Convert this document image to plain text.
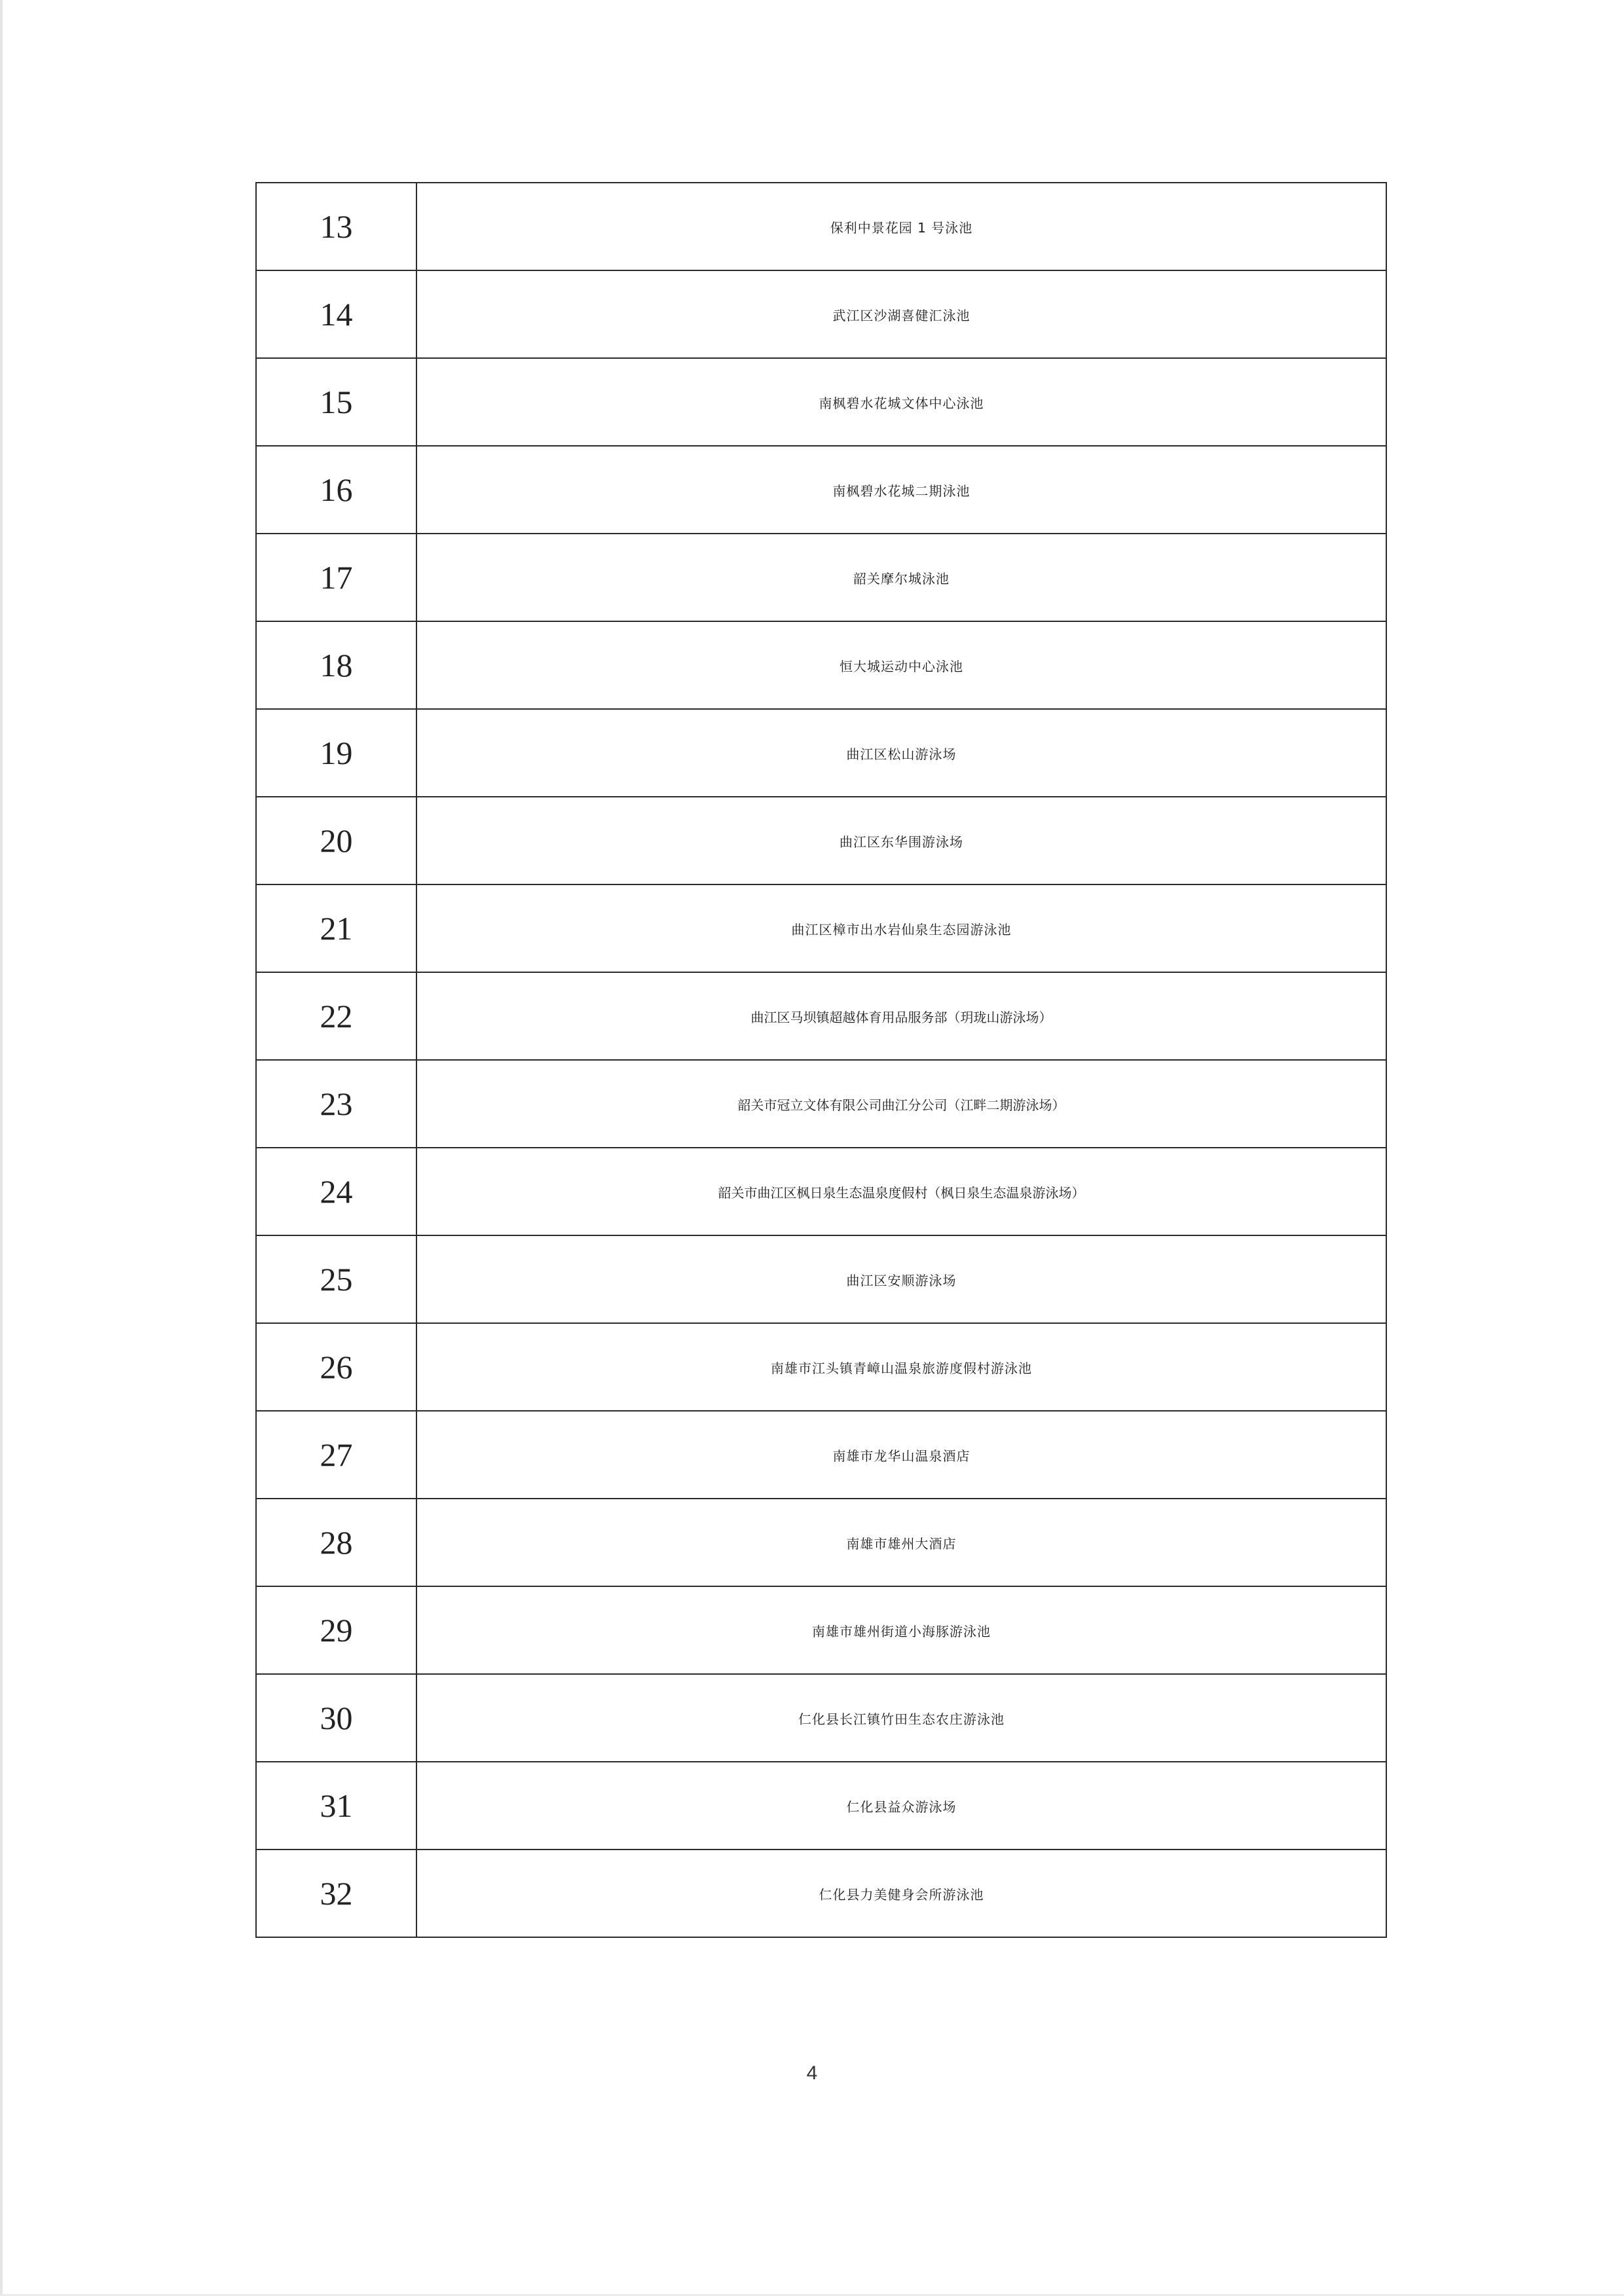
13	保利中景花园 1 号泳池
14	武江区沙湖喜健汇泳池
15	南枫碧水花城文体中心泳池
16	南枫碧水花城二期泳池
17	韶关摩尔城泳池
18	恒大城运动中心泳池
19	曲江区松山游泳场
20	曲江区东华围游泳场
21	曲江区樟市出水岩仙泉生态园游泳池
22	曲江区马坝镇超越体育用品服务部（玥珑山游泳场）
23	韶关市冠立文体有限公司曲江分公司（江畔二期游泳场）
24	韶关市曲江区枫日泉生态温泉度假村（枫日泉生态温泉游泳场）
25	曲江区安顺游泳场
26	南雄市江头镇青嶂山温泉旅游度假村游泳池
27	南雄市龙华山温泉酒店
28	南雄市雄州大酒店
29	南雄市雄州街道小海豚游泳池
30	仁化县长江镇竹田生态农庄游泳池
31	仁化县益众游泳场
32	仁化县力美健身会所游泳池
4
